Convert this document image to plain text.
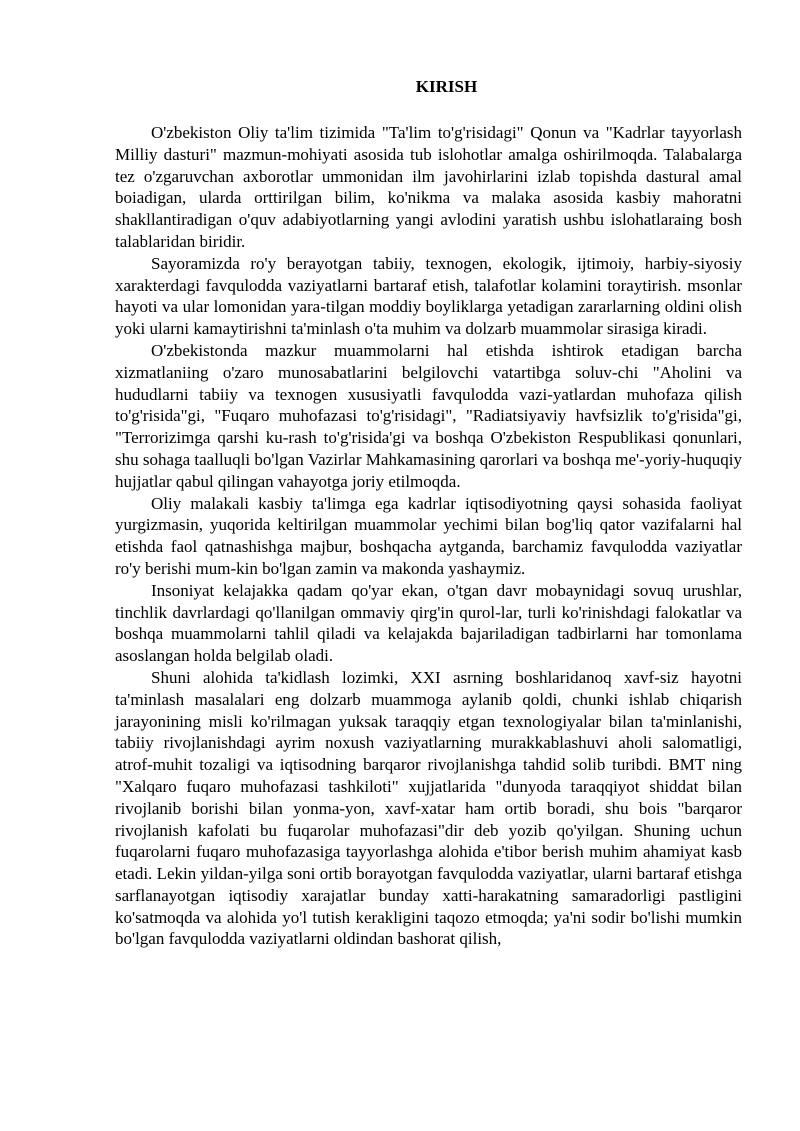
KIRISH

O'zbekiston Oliy ta'lim tizimida "Ta'lim to'g'risidagi" Qonun va "Kadrlar tayyorlash Milliy dasturi" mazmun-mohiyati asosida tub islohotlar amalga oshirilmoqda. Talabalarga tez o'zgaruvchan axborotlar ummonidan ilm javohirlarini izlab topishda dastural amal boiadigan, ularda orttirilgan bilim, ko'nikma va malaka asosida kasbiy mahoratni shakllantiradigan o'quv adabiyotlarning yangi avlodini yaratish ushbu islohatlaraing bosh talablaridan biridir.

Sayoramizda ro'y berayotgan tabiiy, texnogen, ekologik, ijtimoiy, harbiy-siyosiy xarakterdagi favqulodda vaziyatlarni bartaraf etish, talafotlar kolamini toraytirish. msonlar hayoti va ular lomonidan yara-tilgan moddiy boyliklarga yetadigan zararlarning oldini olish yoki ularni kamaytirishni ta'minlash o'ta muhim va dolzarb muammolar sirasiga kiradi.

O'zbekistonda mazkur muammolarni hal etishda ishtirok etadigan barcha xizmatlaniing o'zaro munosabatlarini belgilovchi vatartibga soluv-chi "Aholini va hududlarni tabiiy va texnogen xususiyatli favqulodda vazi-yatlardan muhofaza qilish to'g'risida"gi, "Fuqaro muhofazasi to'g'risidagi", "Radiatsiyaviy havfsizlik to'g'risida"gi, "Terrorizimga qarshi ku-rash to'g'risida'gi va boshqa O'zbekiston Respublikasi qonunlari, shu sohaga taalluqli bo'lgan Vazirlar Mahkamasining qarorlari va boshqa me'-yoriy-huquqiy hujjatlar qabul qilingan vahayotga joriy etilmoqda.

Oliy malakali kasbiy ta'limga ega kadrlar iqtisodiyotning qaysi sohasida faoliyat yurgizmasin, yuqorida keltirilgan muammolar yechimi bilan bog'liq qator vazifalarni hal etishda faol qatnashishga majbur, boshqacha aytganda, barchamiz favqulodda vaziyatlar ro'y berishi mum-kin bo'lgan zamin va makonda yashaymiz.

Insoniyat kelajakka qadam qo'yar ekan, o'tgan davr mobaynidagi sovuq urushlar, tinchlik davrlardagi qo'llanilgan ommaviy qirg'in qurol-lar, turli ko'rinishdagi falokatlar va boshqa muammolarni tahlil qiladi va kelajakda bajariladigan tadbirlarni har tomonlama asoslangan holda belgilab oladi.

Shuni alohida ta'kidlash lozimki, XXI asrning boshlaridanoq xavf-siz hayotni ta'minlash masalalari eng dolzarb muammoga aylanib qoldi, chunki ishlab chiqarish jarayonining misli ko'rilmagan yuksak taraqqiy etgan texnologiyalar bilan ta'minlanishi, tabiiy rivojlanishdagi ayrim noxush vaziyatlarning murakkablashuvi aholi salomatligi, atrof-muhit tozaligi va iqtisodning barqaror rivojlanishga tahdid solib turibdi. BMT ning "Xalqaro fuqaro muhofazasi tashkiloti" xujjatlarida "dunyoda taraqqiyot shiddat bilan rivojlanib borishi bilan yonma-yon, xavf-xatar ham ortib boradi, shu bois "barqaror rivojlanish kafolati bu fuqarolar muhofazasi"dir deb yozib qo'yilgan. Shuning uchun fuqarolarni fuqaro muhofazasiga tayyorlashga alohida e'tibor berish muhim ahamiyat kasb etadi. Lekin yildan-yilga soni ortib borayotgan favqulodda vaziyatlar, ularni bartaraf etishga sarflanayotgan iqtisodiy xarajatlar bunday xatti-harakatning samaradorligi pastligini ko'satmoqda va alohida yo'l tutish kerakligini taqozo etmoqda; ya'ni sodir bo'lishi mumkin bo'lgan favqulodda vaziyatlarni oldindan bashorat qilish,
